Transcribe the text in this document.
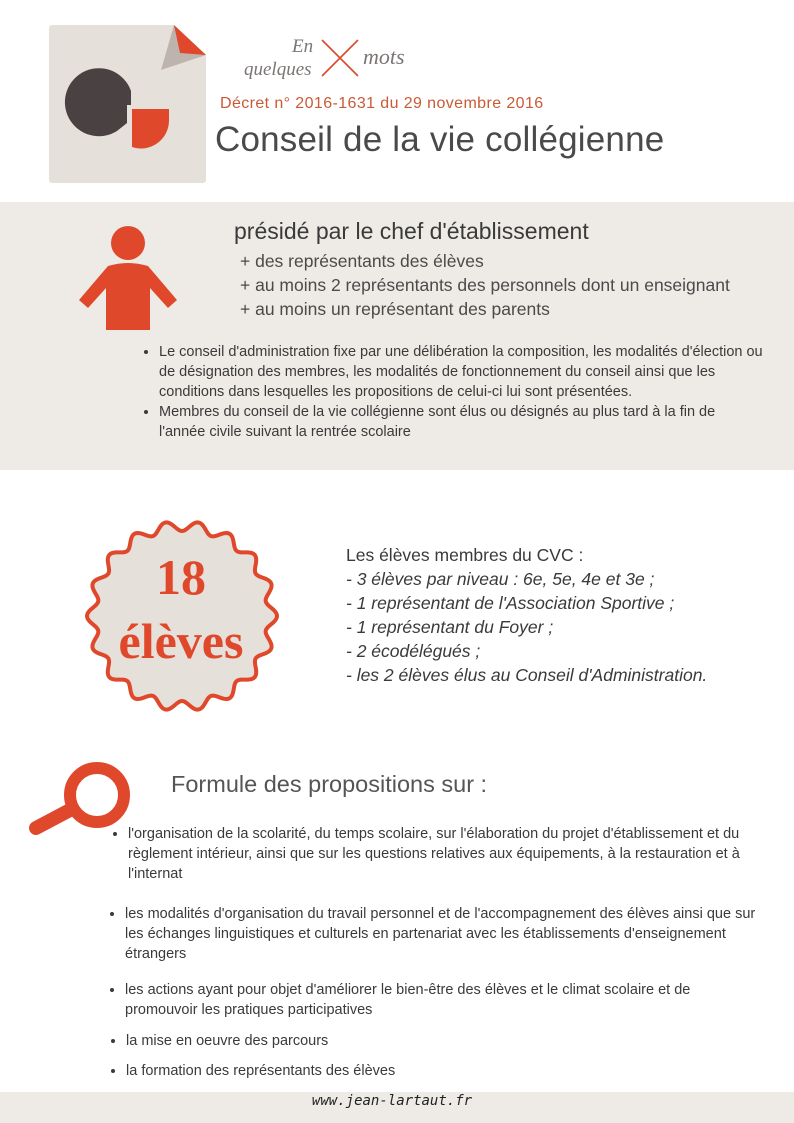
En
quelques
mots
Décret n° 2016-1631 du 29 novembre 2016
Conseil de la vie collégienne
présidé par le chef d'établissement
+ des représentants des élèves
+ au moins 2 représentants des personnels dont un enseignant
+ au moins un représentant des parents
• Le conseil d'administration fixe par une délibération la composition, les modalités d'élection ou de désignation des membres, les modalités de fonctionnement du conseil ainsi que les conditions dans lesquelles les propositions de celui-ci lui sont présentées.
• Membres du conseil de la vie collégienne sont élus ou désignés au plus tard à la fin de l'année civile suivant la rentrée scolaire
18
élèves
Les élèves membres du CVC :
- 3 élèves par niveau : 6e, 5e, 4e et 3e ;
- 1 représentant de l'Association Sportive ;
- 1 représentant du Foyer ;
- 2 écodélégués ;
- les 2 élèves élus au Conseil d'Administration.
Formule des propositions sur :
• l'organisation de la scolarité, du temps scolaire, sur l'élaboration du projet d'établissement et du règlement intérieur, ainsi que sur les questions relatives aux équipements, à la restauration et à l'internat
• les modalités d'organisation du travail personnel et de l'accompagnement des élèves ainsi que sur les échanges linguistiques et culturels en partenariat avec les établissements d'enseignement étrangers
• les actions ayant pour objet d'améliorer le bien-être des élèves et le climat scolaire et de promouvoir les pratiques participatives
• la mise en oeuvre des parcours
• la formation des représentants des élèves
www.jean-lartaut.fr
